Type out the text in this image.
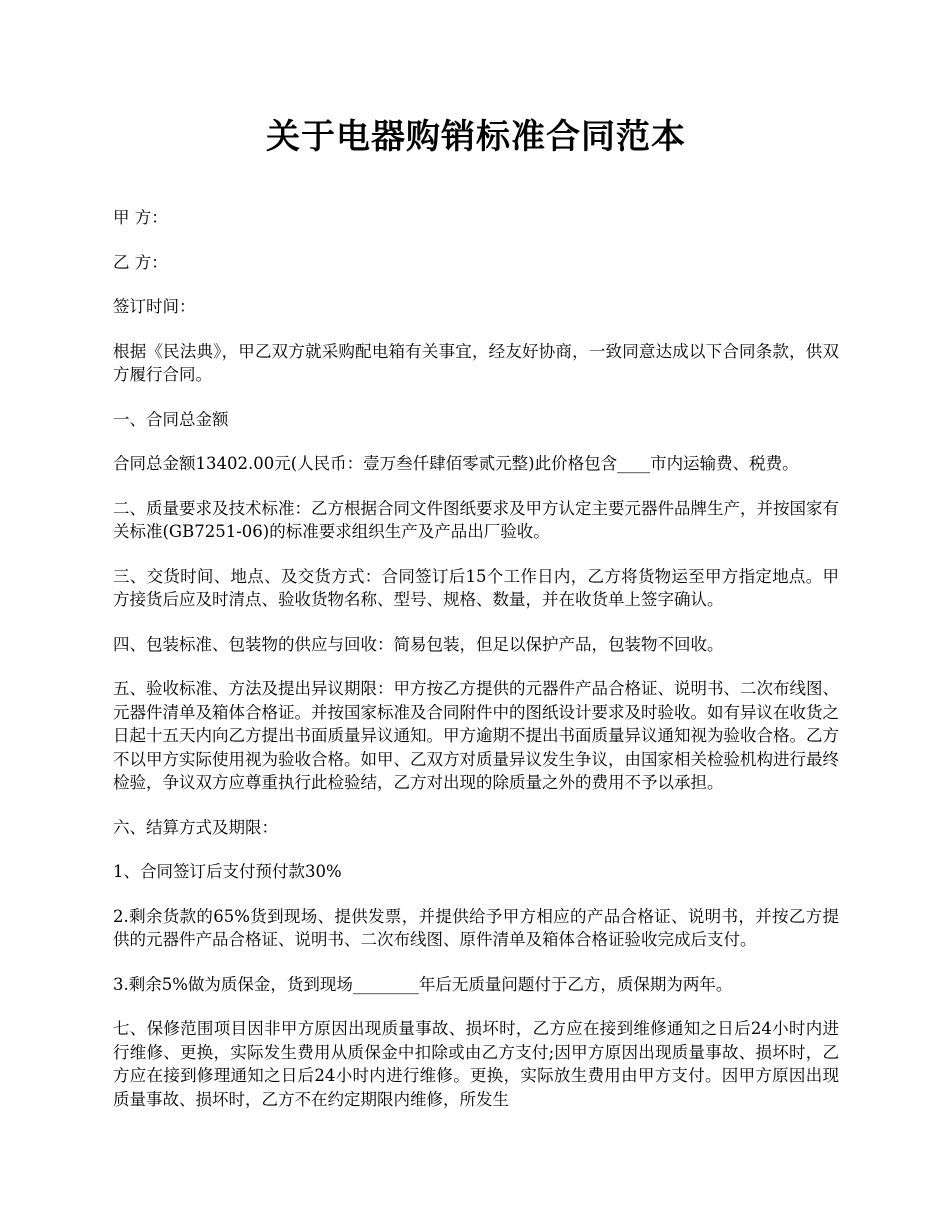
关于电器购销标准合同范本

甲 方：

乙 方：

签订时间：

根据《民法典》，甲乙双方就采购配电箱有关事宜，经友好协商，一致同意达成以下合同条款，供双方履行合同。

一、合同总金额

合同总金额13402.00元(人民币：壹万叁仟肆佰零贰元整)此价格包含____市内运输费、税费。

二、质量要求及技术标准：乙方根据合同文件图纸要求及甲方认定主要元器件品牌生产，并按国家有关标准(GB7251-06)的标准要求组织生产及产品出厂验收。

三、交货时间、地点、及交货方式：合同签订后15个工作日内，乙方将货物运至甲方指定地点。甲方接货后应及时清点、验收货物名称、型号、规格、数量，并在收货单上签字确认。

四、包装标准、包装物的供应与回收：简易包装，但足以保护产品，包装物不回收。

五、验收标准、方法及提出异议期限：甲方按乙方提供的元器件产品合格证、说明书、二次布线图、元器件清单及箱体合格证。并按国家标准及合同附件中的图纸设计要求及时验收。如有异议在收货之日起十五天内向乙方提出书面质量异议通知。甲方逾期不提出书面质量异议通知视为验收合格。乙方不以甲方实际使用视为验收合格。如甲、乙双方对质量异议发生争议，由国家相关检验机构进行最终检验，争议双方应尊重执行此检验结，乙方对出现的除质量之外的费用不予以承担。

六、结算方式及期限：

1、合同签订后支付预付款30%

2.剩余货款的65%货到现场、提供发票，并提供给予甲方相应的产品合格证、说明书，并按乙方提供的元器件产品合格证、说明书、二次布线图、原件清单及箱体合格证验收完成后支付。

3.剩余5%做为质保金，货到现场________年后无质量问题付于乙方，质保期为两年。

七、保修范围项目因非甲方原因出现质量事故、损坏时，乙方应在接到维修通知之日后24小时内进行维修、更换，实际发生费用从质保金中扣除或由乙方支付;因甲方原因出现质量事故、损坏时，乙方应在接到修理通知之日后24小时内进行维修。更换，实际放生费用由甲方支付。因甲方原因出现质量事故、损坏时，乙方不在约定期限内维修，所发生
